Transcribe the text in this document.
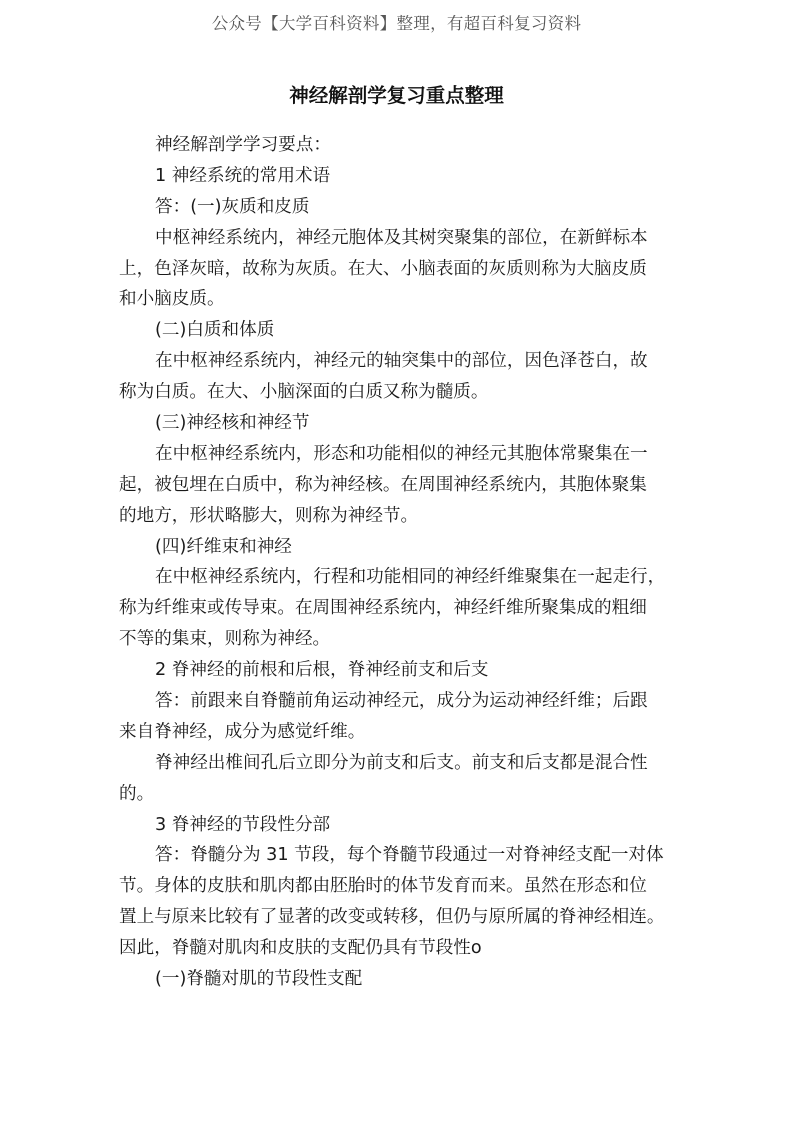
公众号【大学百科资料】整理，有超百科复习资料
神经解剖学复习重点整理
神经解剖学学习要点：
1 神经系统的常用术语
答：(一)灰质和皮质
中枢神经系统内，神经元胞体及其树突聚集的部位，在新鲜标本
上，色泽灰暗，故称为灰质。在大、小脑表面的灰质则称为大脑皮质
和小脑皮质。
(二)白质和体质
在中枢神经系统内，神经元的轴突集中的部位，因色泽苍白，故
称为白质。在大、小脑深面的白质又称为髓质。
(三)神经核和神经节
在中枢神经系统内，形态和功能相似的神经元其胞体常聚集在一
起，被包埋在白质中，称为神经核。在周围神经系统内，其胞体聚集
的地方，形状略膨大，则称为神经节。
(四)纤维束和神经
在中枢神经系统内，行程和功能相同的神经纤维聚集在一起走行，
称为纤维束或传导束。在周围神经系统内，神经纤维所聚集成的粗细
不等的集束，则称为神经。
2 脊神经的前根和后根，脊神经前支和后支
答：前跟来自脊髓前角运动神经元，成分为运动神经纤维；后跟
来自脊神经，成分为感觉纤维。
脊神经出椎间孔后立即分为前支和后支。前支和后支都是混合性
的。
3 脊神经的节段性分部
答：脊髓分为 31 节段，每个脊髓节段通过一对脊神经支配一对体
节。身体的皮肤和肌肉都由胚胎时的体节发育而来。虽然在形态和位
置上与原来比较有了显著的改变或转移，但仍与原所属的脊神经相连。
因此，脊髓对肌肉和皮肤的支配仍具有节段性o
(一)脊髓对肌的节段性支配
